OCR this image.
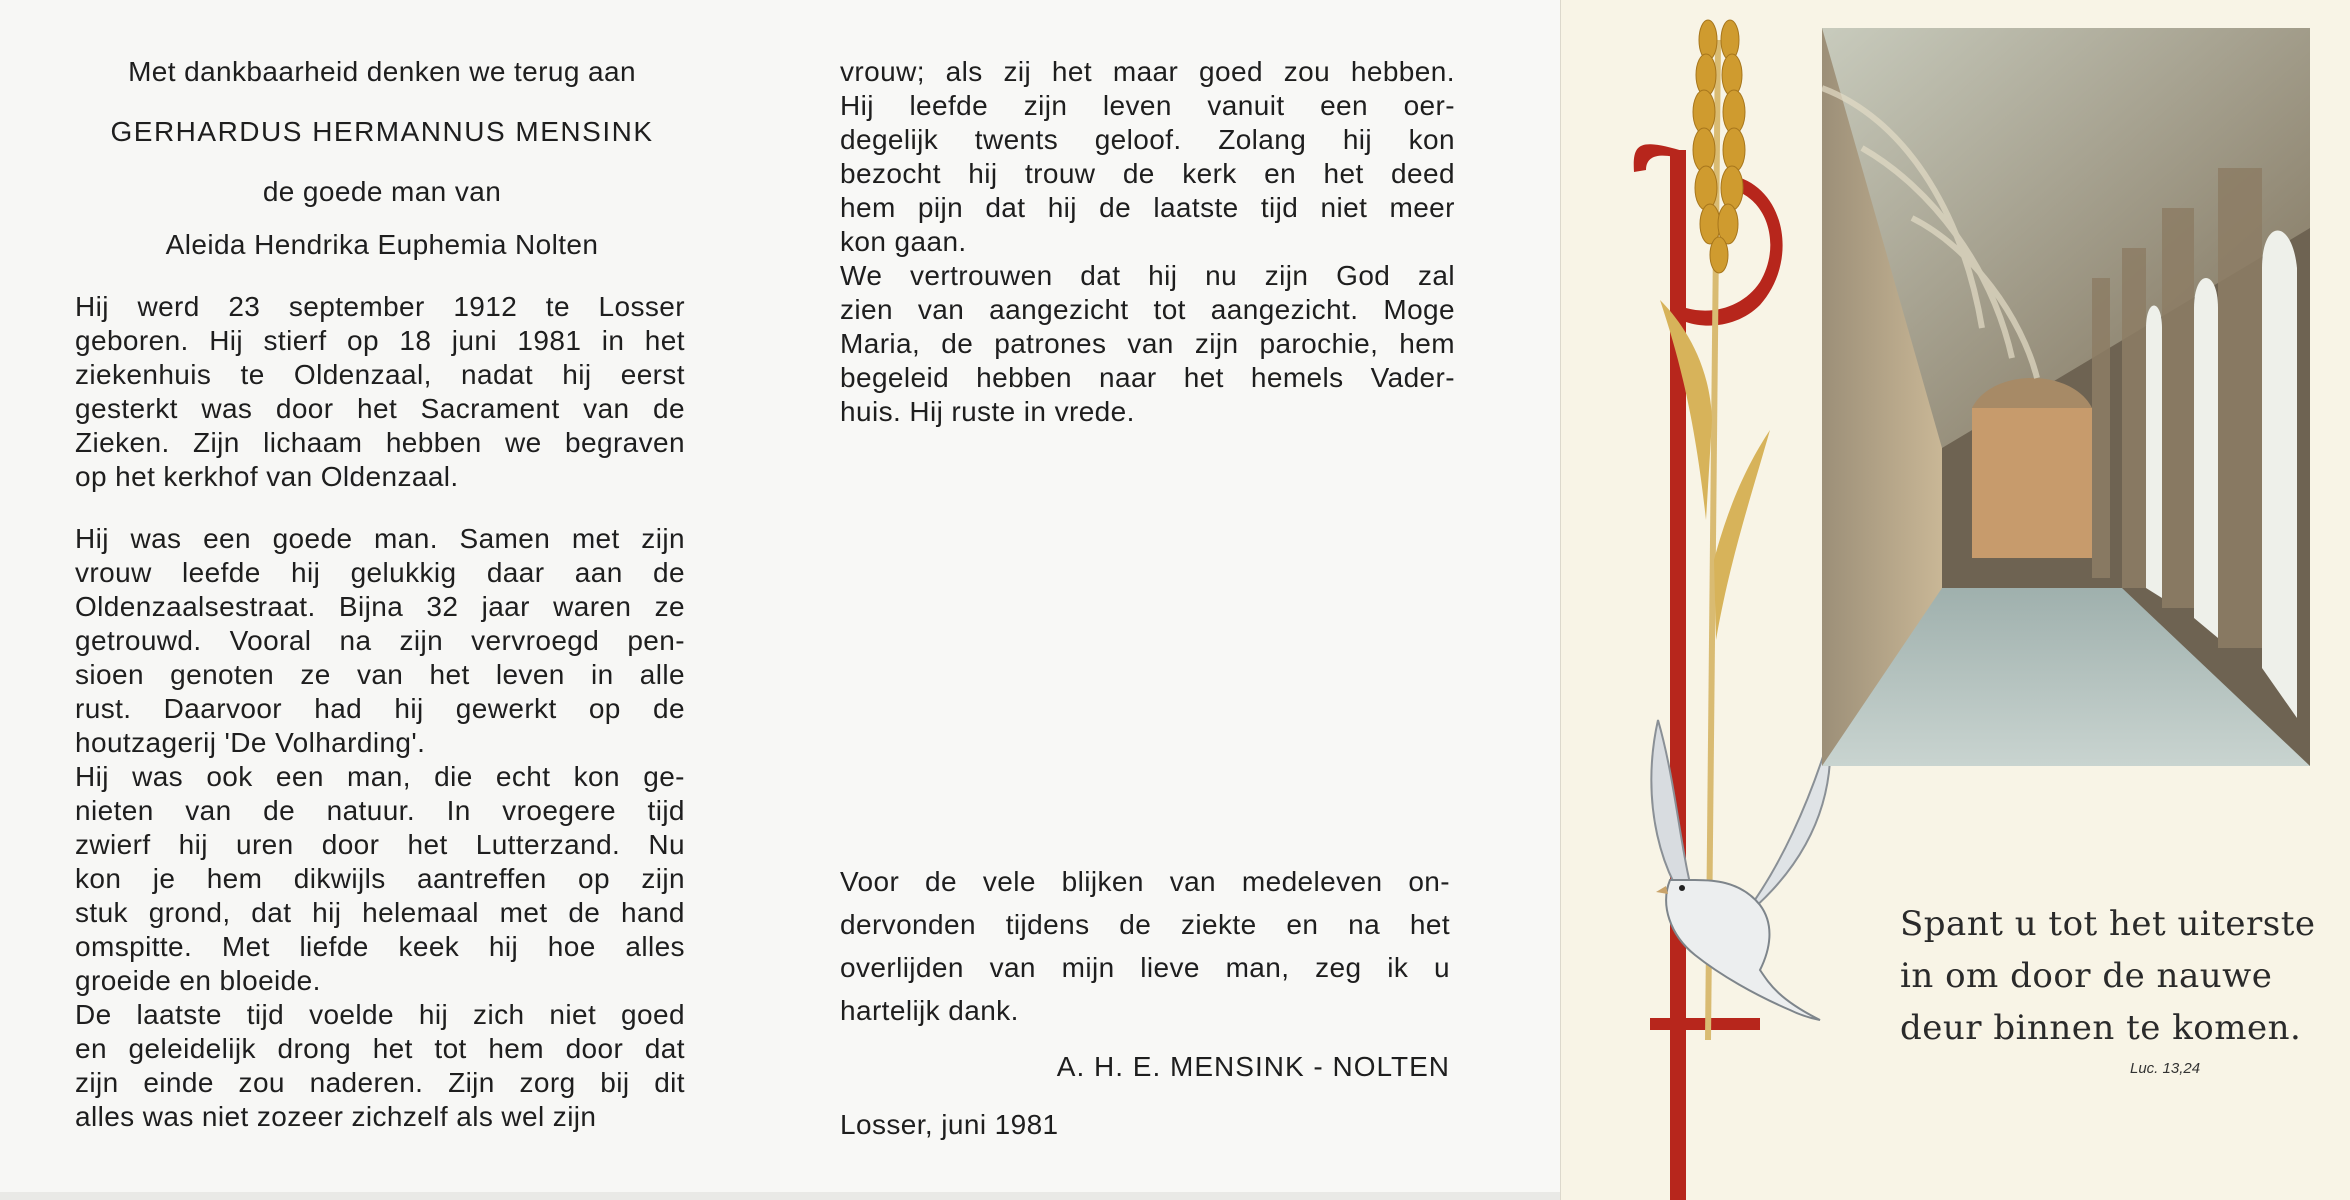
Met dankbaarheid denken we terug aan
GERHARDUS HERMANNUS MENSINK
de goede man van
Aleida Hendrika Euphemia Nolten
Hij werd 23 september 1912 te Losser
geboren. Hij stierf op 18 juni 1981 in het
ziekenhuis te Oldenzaal, nadat hij eerst
gesterkt was door het Sacrament van de
Zieken. Zijn lichaam hebben we begraven
op het kerkhof van Oldenzaal.
Hij was een goede man. Samen met zijn
vrouw leefde hij gelukkig daar aan de
Oldenzaalsestraat. Bijna 32 jaar waren ze
getrouwd. Vooral na zijn vervroegd pen-
sioen genoten ze van het leven in alle
rust. Daarvoor had hij gewerkt op de
houtzagerij 'De Volharding'.
Hij was ook een man, die echt kon ge-
nieten van de natuur. In vroegere tijd
zwierf hij uren door het Lutterzand. Nu
kon je hem dikwijls aantreffen op zijn
stuk grond, dat hij helemaal met de hand
omspitte. Met liefde keek hij hoe alles
groeide en bloeide.
De laatste tijd voelde hij zich niet goed
en geleidelijk drong het tot hem door dat
zijn einde zou naderen. Zijn zorg bij dit
alles was niet zozeer zichzelf als wel zijn
vrouw; als zij het maar goed zou hebben.
Hij leefde zijn leven vanuit een oer-
degelijk twents geloof. Zolang hij kon
bezocht hij trouw de kerk en het deed
hem pijn dat hij de laatste tijd niet meer
kon gaan.
We vertrouwen dat hij nu zijn God zal
zien van aangezicht tot aangezicht. Moge
Maria, de patrones van zijn parochie, hem
begeleid hebben naar het hemels Vader-
huis. Hij ruste in vrede.
Voor de vele blijken van medeleven on-
dervonden tijdens de ziekte en na het
overlijden van mijn lieve man, zeg ik u
hartelijk dank.
A. H. E. MENSINK - NOLTEN
Losser, juni 1981
Spant u tot het uiterste
in om door de nauwe
deur binnen te komen.
Luc. 13,24
